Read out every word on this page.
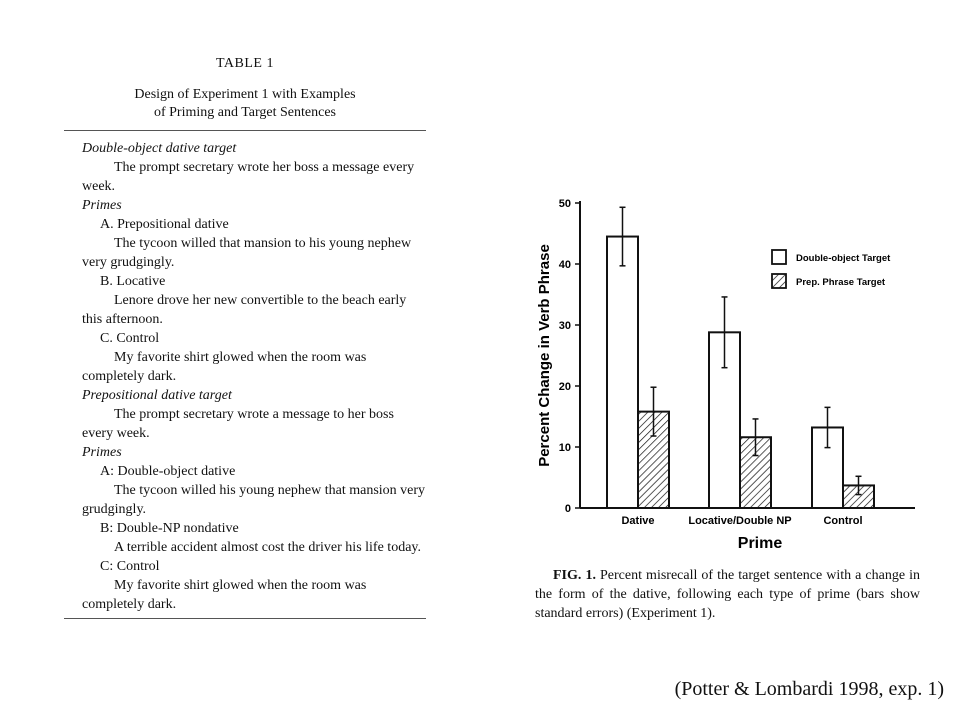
TABLE 1
Design of Experiment 1 with Examples
of Priming and Target Sentences
Double-object dative target
The prompt secretary wrote her boss a message every week.
Primes
A. Prepositional dative
The tycoon willed that mansion to his young nephew very grudgingly.
B. Locative
Lenore drove her new convertible to the beach early this afternoon.
C. Control
My favorite shirt glowed when the room was completely dark.
Prepositional dative target
The prompt secretary wrote a message to her boss every week.
Primes
A: Double-object dative
The tycoon willed his young nephew that mansion very grudgingly.
B: Double-NP nondative
A terrible accident almost cost the driver his life today.
C: Control
My favorite shirt glowed when the room was completely dark.
0
10
20
30
40
50
Percent Change in Verb Phrase
Dative	Locative/Double NP	Control
Prime
Double-object Target
Prep. Phrase Target
FIG. 1. Percent misrecall of the target sentence with a change in the form of the dative, following each type of prime (bars show standard errors) (Experiment 1).
(Potter & Lombardi 1998, exp. 1)
